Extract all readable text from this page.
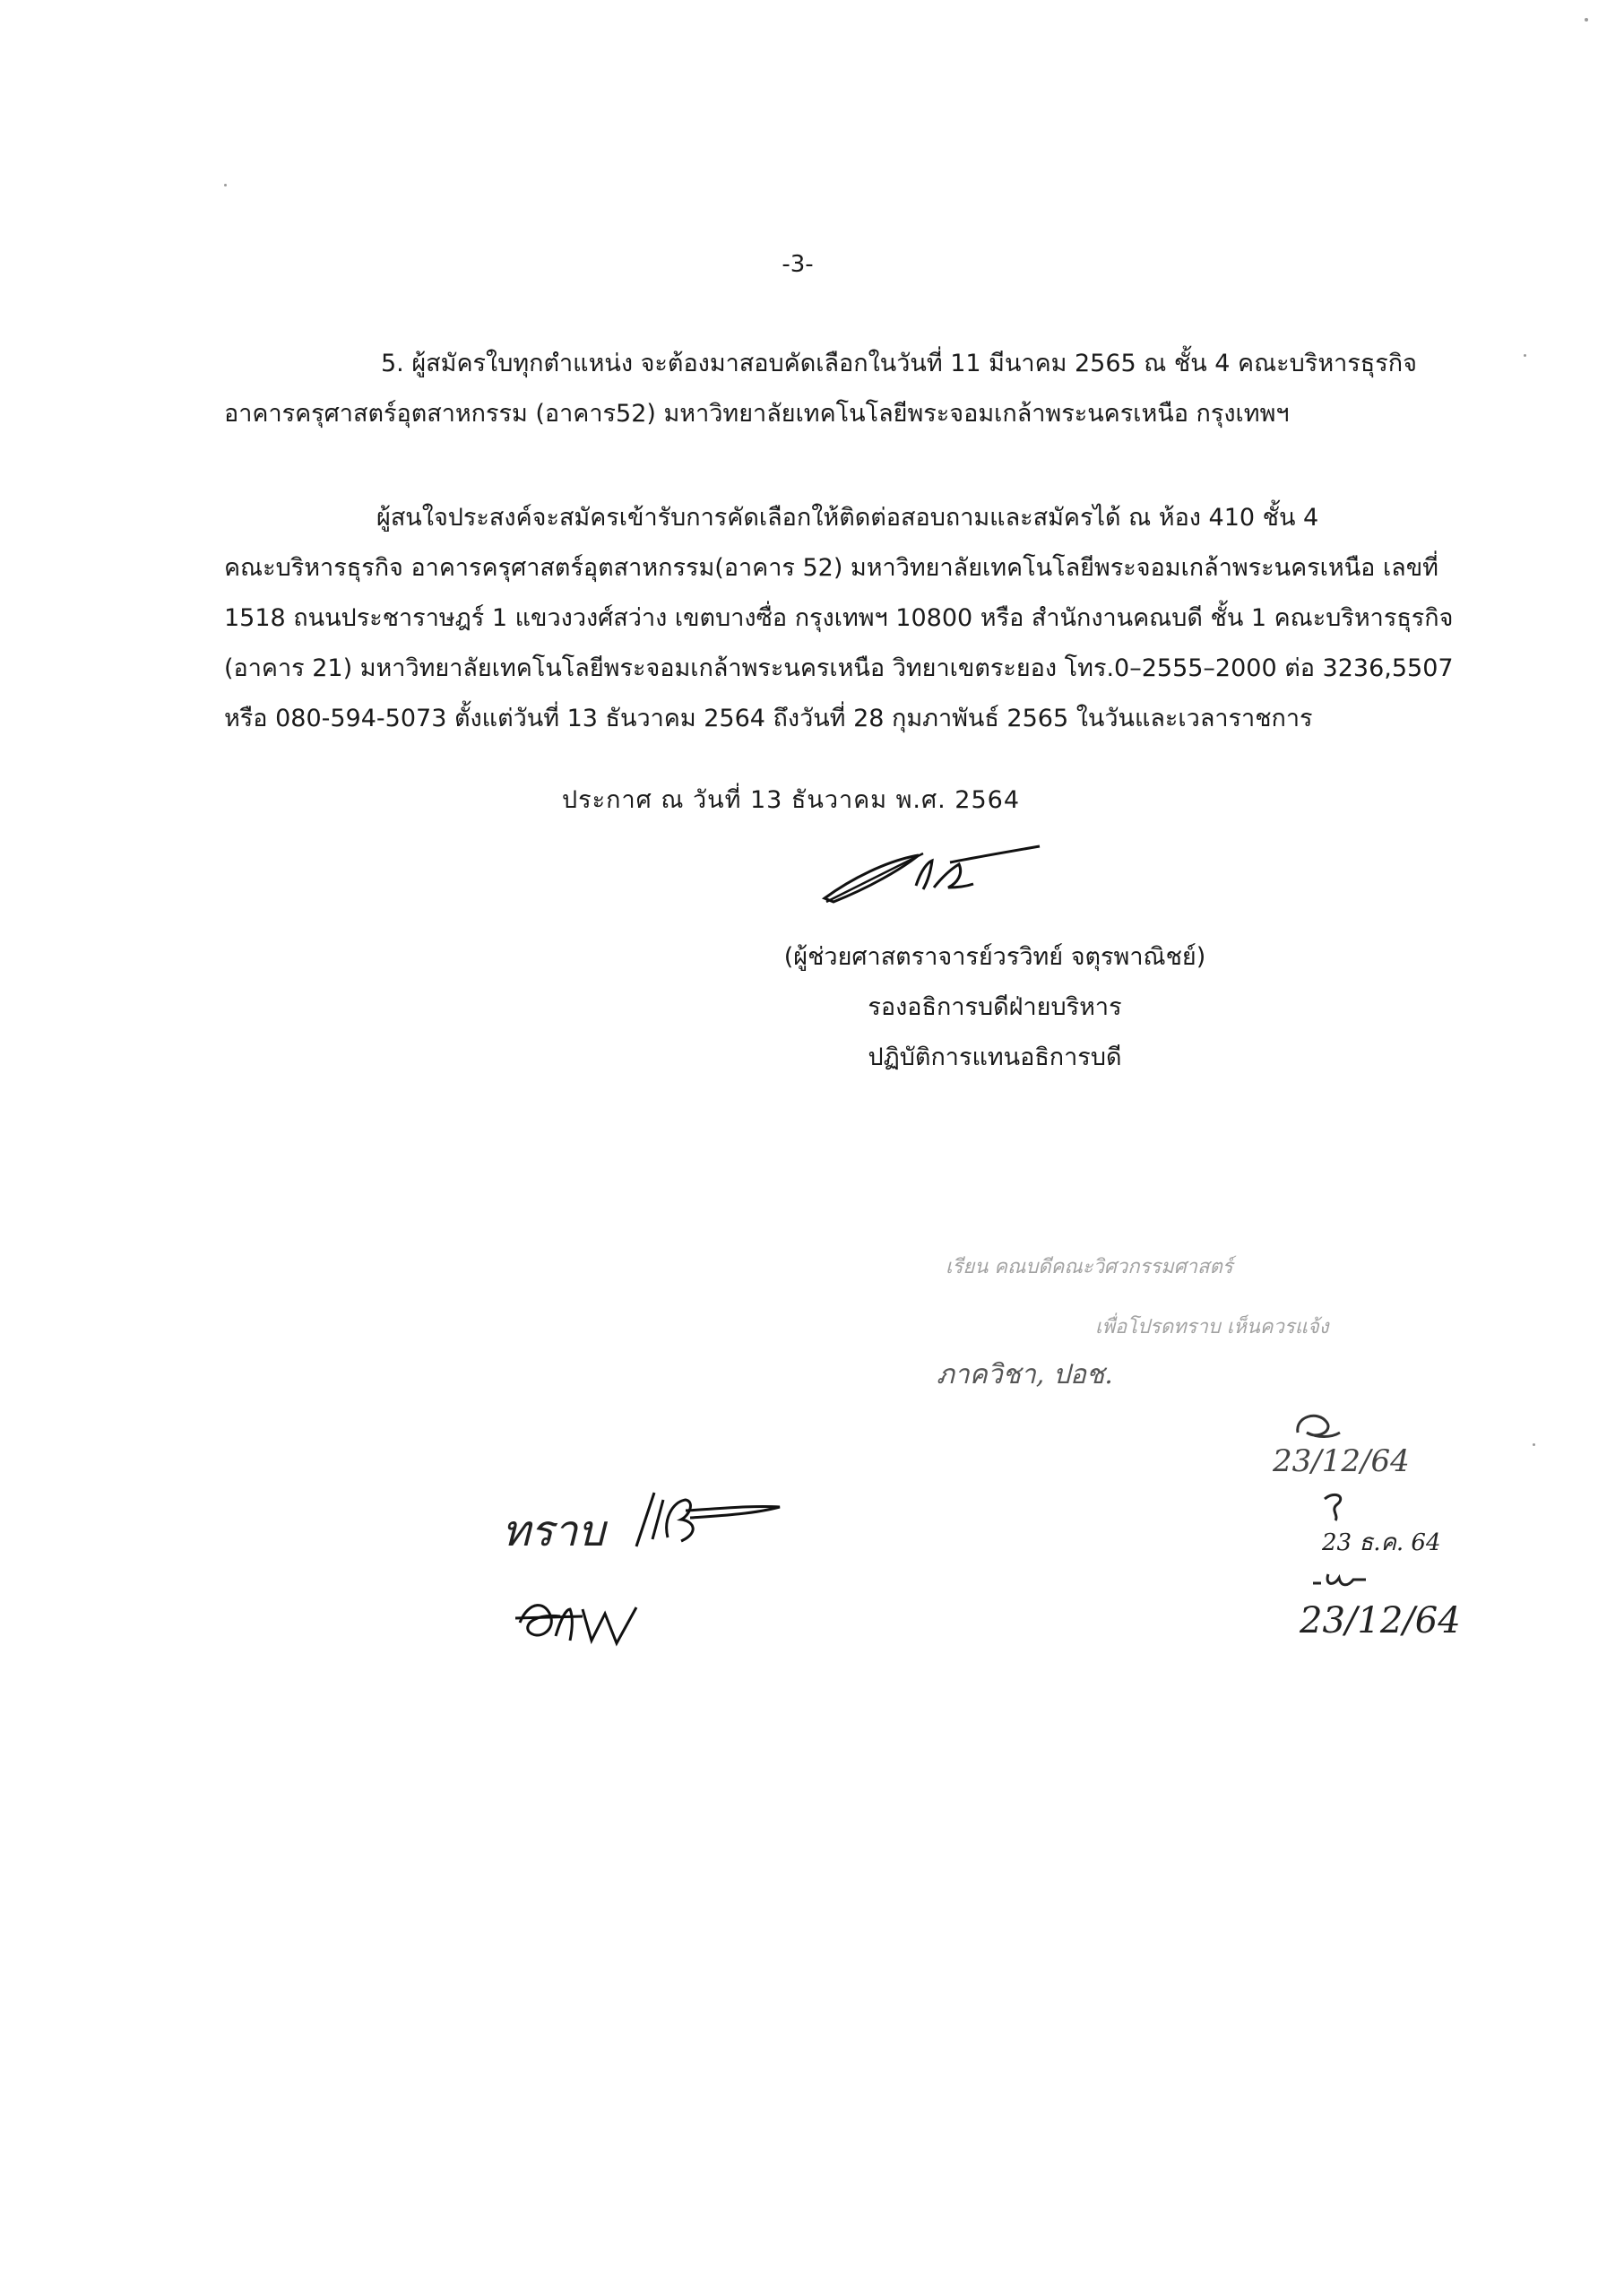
-3-
5. ผู้สมัครใบทุกตำแหน่ง จะต้องมาสอบคัดเลือกในวันที่ 11 มีนาคม 2565 ณ ชั้น 4 คณะบริหารธุรกิจ
อาคารครุศาสตร์อุตสาหกรรม (อาคาร52) มหาวิทยาลัยเทคโนโลยีพระจอมเกล้าพระนครเหนือ กรุงเทพฯ
ผู้สนใจประสงค์จะสมัครเข้ารับการคัดเลือกให้ติดต่อสอบถามและสมัครได้ ณ ห้อง 410 ชั้น 4
คณะบริหารธุรกิจ อาคารครุศาสตร์อุตสาหกรรม(อาคาร 52) มหาวิทยาลัยเทคโนโลยีพระจอมเกล้าพระนครเหนือ เลขที่
1518 ถนนประชาราษฎร์ 1 แขวงวงศ์สว่าง เขตบางซื่อ กรุงเทพฯ 10800 หรือ สำนักงานคณบดี ชั้น 1 คณะบริหารธุรกิจ
(อาคาร 21) มหาวิทยาลัยเทคโนโลยีพระจอมเกล้าพระนครเหนือ วิทยาเขตระยอง โทร.0–2555–2000 ต่อ 3236,5507
หรือ 080-594-5073 ตั้งแต่วันที่ 13 ธันวาคม 2564 ถึงวันที่ 28 กุมภาพันธ์ 2565 ในวันและเวลาราชการ
ประกาศ ณ วันที่ 13 ธันวาคม พ.ศ. 2564
(ผู้ช่วยศาสตราจารย์วรวิทย์ จตุรพาณิชย์)
รองอธิการบดีฝ่ายบริหาร
ปฏิบัติการแทนอธิการบดี
เรียน คณบดีคณะวิศวกรรมศาสตร์
เพื่อโปรดทราบ เห็นควรแจ้ง
ภาควิชา, ปอช.
23/12/64
23 ธ.ค. 64
23/12/64
ทราบ
